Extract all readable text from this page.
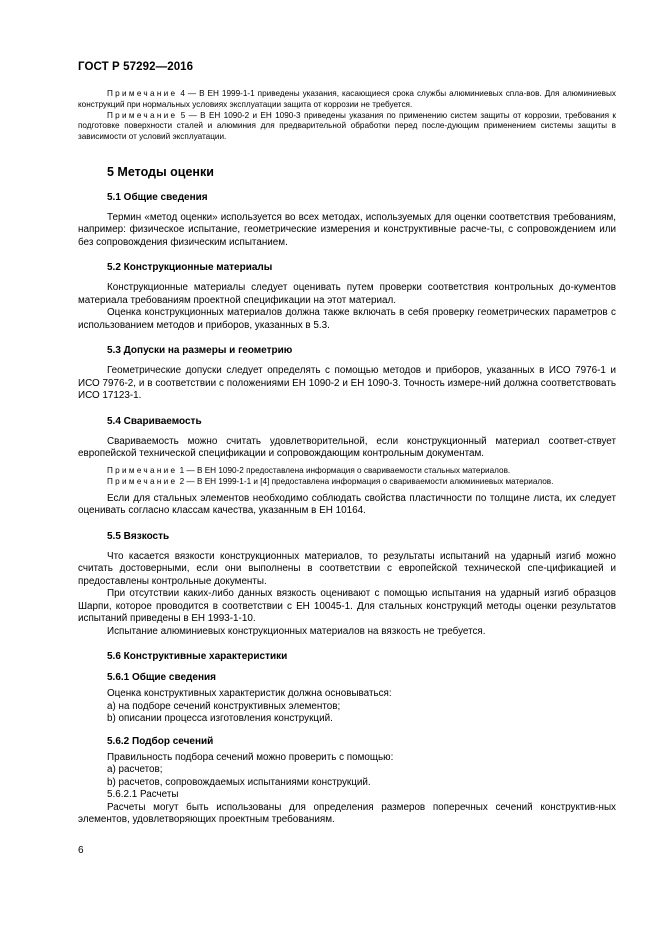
ГОСТ Р 57292—2016

Примечание 4 — В ЕН 1999-1-1 приведены указания, касающиеся срока службы алюминиевых спла-вов. Для алюминиевых конструкций при нормальных условиях эксплуатации защита от коррозии не требуется.

Примечание 5 — В ЕН 1090-2 и ЕН 1090-3 приведены указания по применению систем защиты от коррозии, требования к подготовке поверхности сталей и алюминия для предварительной обработки перед после-дующим применением системы защиты в зависимости от условий эксплуатации.

5 Методы оценки
5.1 Общие сведения

Термин «метод оценки» используется во всех методах, используемых для оценки соответствия требованиям, например: физическое испытание, геометрические измерения и конструктивные расче-ты, с сопровождением или без сопровождения физическим испытанием.

5.2 Конструкционные материалы

Конструкционные материалы следует оценивать путем проверки соответствия контрольных до-кументов материала требованиям проектной спецификации на этот материал.

Оценка конструкционных материалов должна также включать в себя проверку геометрических параметров с использованием методов и приборов, указанных в 5.3.

5.3 Допуски на размеры и геометрию

Геометрические допуски следует определять с помощью методов и приборов, указанных в ИСО 7976-1 и ИСО 7976-2, и в соответствии с положениями ЕН 1090-2 и ЕН 1090-3. Точность измере-ний должна соответствовать ИСО 17123-1.

5.4 Свариваемость

Свариваемость можно считать удовлетворительной, если конструкционный материал соответ-ствует европейской технической спецификации и сопровождающим контрольным документам.

Примечание 1 — В ЕН 1090-2 предоставлена информация о свариваемости стальных материалов.

Примечание 2 — В ЕН 1999-1-1 и [4] предоставлена информация о свариваемости алюминиевых материалов.

Если для стальных элементов необходимо соблюдать свойства пластичности по толщине листа, их следует оценивать согласно классам качества, указанным в ЕН 10164.

5.5 Вязкость

Что касается вязкости конструкционных материалов, то результаты испытаний на ударный изгиб можно считать достоверными, если они выполнены в соответствии с европейской технической спе-цификацией и предоставлены контрольные документы.

При отсутствии каких-либо данных вязкость оценивают с помощью испытания на ударный изгиб образцов Шарпи, которое проводится в соответствии с ЕН 10045-1. Для стальных конструкций методы оценки результатов испытаний приведены в ЕН 1993-1-10.

Испытание алюминиевых конструкционных материалов на вязкость не требуется.

5.6 Конструктивные характеристики
5.6.1 Общие сведения

Оценка конструктивных характеристик должна основываться:

а) на подборе сечений конструктивных элементов;
b) описании процесса изготовления конструкций.
5.6.2 Подбор сечений

Правильность подбора сечений можно проверить с помощью:

а) расчетов;
b) расчетов, сопровождаемых испытаниями конструкций.

5.6.2.1 Расчеты

Расчеты могут быть использованы для определения размеров поперечных сечений конструктив-ных элементов, удовлетворяющих проектным требованиям.

6
